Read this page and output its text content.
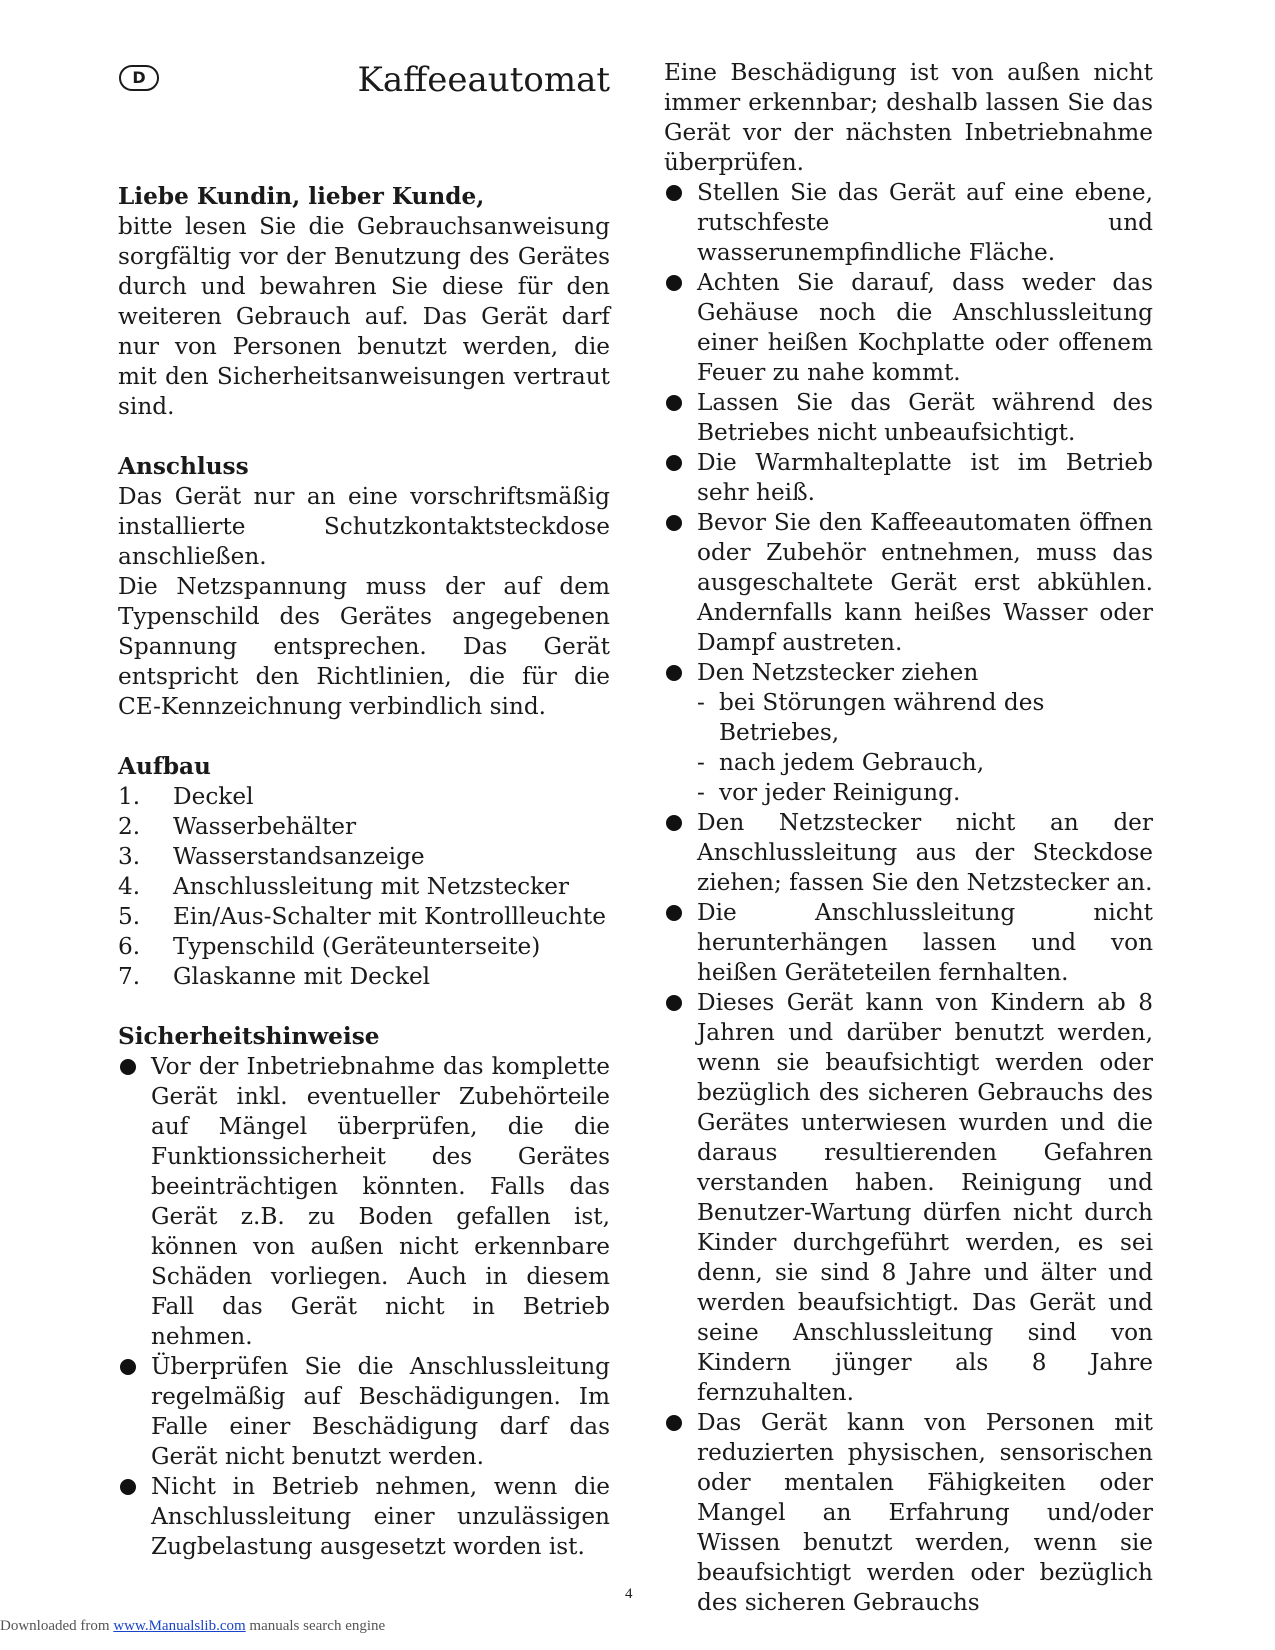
D	Kaffeeautomat

Liebe Kundin, lieber Kunde,

bitte lesen Sie die Gebrauchsanweisung sorgfältig vor der Benutzung des Gerätes durch und bewahren Sie diese für den weiteren Gebrauch auf. Das Gerät darf nur von Personen benutzt werden, die mit den Sicherheitsanweisungen vertraut sind.

Anschluss

Das Gerät nur an eine vorschriftsmäßig installierte Schutzkontaktsteckdose anschließen.

Die Netzspannung muss der auf dem Typenschild des Gerätes angegebenen Spannung entsprechen. Das Gerät entspricht den Richtlinien, die für die CE-Kennzeichnung verbindlich sind.

Aufbau

1.	Deckel
2.	Wasserbehälter
3.	Wasserstandsanzeige
4.	Anschlussleitung mit Netzstecker
5.	Ein/Aus-Schalter mit Kontrollleuchte
6.	Typenschild (Geräteunterseite)
7.	Glaskanne mit Deckel

Sicherheitshinweise

Vor der Inbetriebnahme das komplette Gerät inkl. eventueller Zubehörteile auf Mängel überprüfen, die die Funktionssicherheit des Gerätes beeinträchtigen könnten. Falls das Gerät z.B. zu Boden gefallen ist, können von außen nicht erkennbare Schäden vorliegen. Auch in diesem Fall das Gerät nicht in Betrieb nehmen.
Überprüfen Sie die Anschlussleitung regelmäßig auf Beschädigungen. Im Falle einer Beschädigung darf das Gerät nicht benutzt werden.
Nicht in Betrieb nehmen, wenn die Anschlussleitung einer unzulässigen Zugbelastung ausgesetzt worden ist.

Eine Beschädigung ist von außen nicht immer erkennbar; deshalb lassen Sie das Gerät vor der nächsten Inbetriebnahme überprüfen.

Stellen Sie das Gerät auf eine ebene, rutschfeste und wasserunempfindliche Fläche.
Achten Sie darauf, dass weder das Gehäuse noch die Anschlussleitung einer heißen Kochplatte oder offenem Feuer zu nahe kommt.
Lassen Sie das Gerät während des Betriebes nicht unbeaufsichtigt.
Die Warmhalteplatte ist im Betrieb sehr heiß.
Bevor Sie den Kaffeeautomaten öffnen oder Zubehör entnehmen, muss das ausgeschaltete Gerät erst abkühlen. Andernfalls kann heißes Wasser oder Dampf austreten.
Den Netzstecker ziehen
- bei Störungen während des Betriebes,
- nach jedem Gebrauch,
- vor jeder Reinigung.
Den Netzstecker nicht an der Anschlussleitung aus der Steckdose ziehen; fassen Sie den Netzstecker an.
Die Anschlussleitung nicht herunterhängen lassen und von heißen Geräteteilen fernhalten.
Dieses Gerät kann von Kindern ab 8 Jahren und darüber benutzt werden, wenn sie beaufsichtigt werden oder bezüglich des sicheren Gebrauchs des Gerätes unterwiesen wurden und die daraus resultierenden Gefahren verstanden haben. Reinigung und Benutzer-Wartung dürfen nicht durch Kinder durchgeführt werden, es sei denn, sie sind 8 Jahre und älter und werden beaufsichtigt. Das Gerät und seine Anschlussleitung sind von Kindern jünger als 8 Jahre fernzuhalten.
Das Gerät kann von Personen mit reduzierten physischen, sensorischen oder mentalen Fähigkeiten oder Mangel an Erfahrung und/oder Wissen benutzt werden, wenn sie beaufsichtigt werden oder bezüglich des sicheren Gebrauchs
4
Downloaded from www.Manualslib.com manuals search engine
